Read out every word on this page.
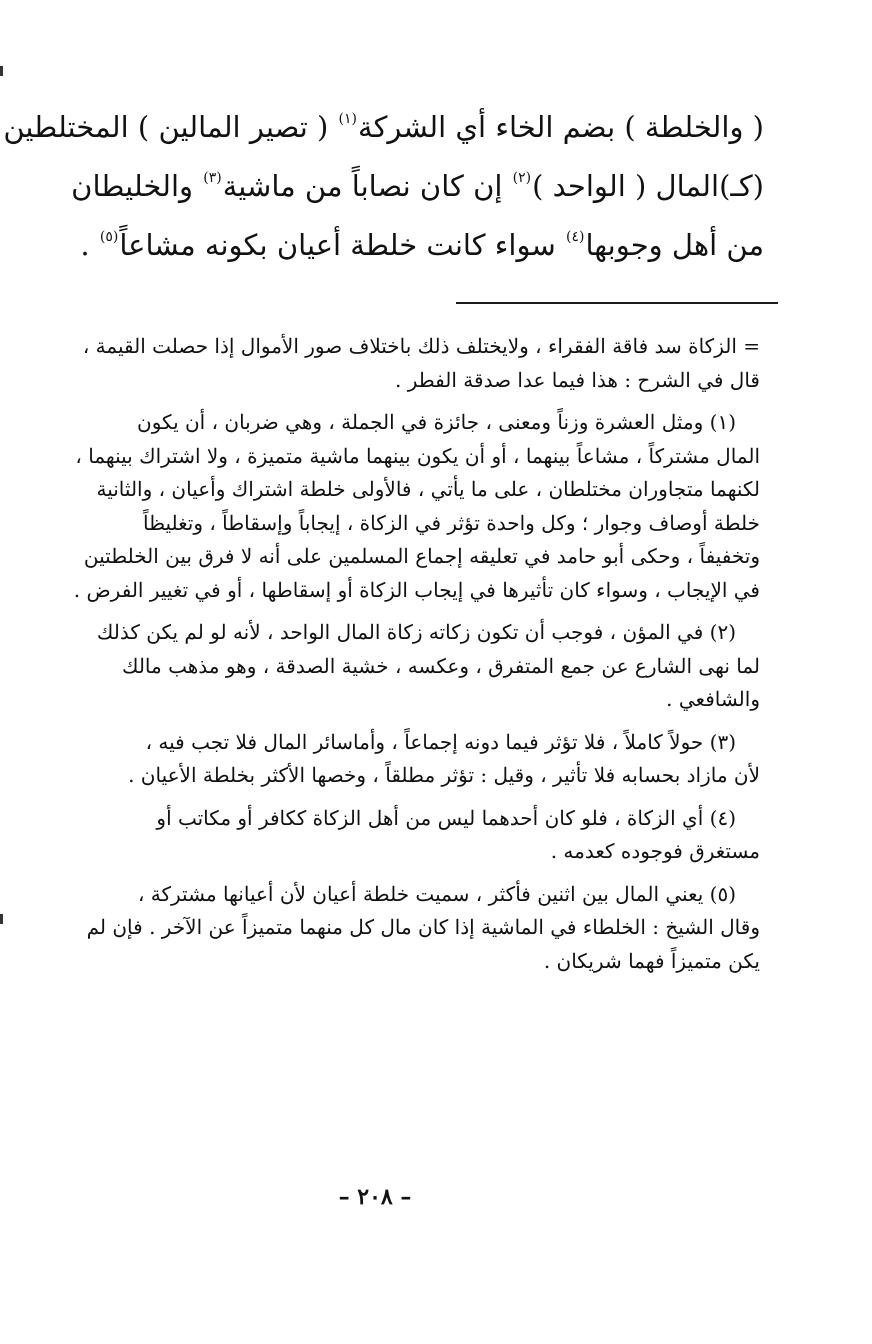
( والخلطة ) بضم الخاء أي الشركة$^{(١)}$ ( تصير المالين ) المختلطين
(كـ)المال ( الواحد )$^{(٢)}$ إن كان نصاباً من ماشية$^{(٣)}$ والخليطان
من أهل وجوبها$^{(٤)}$ سواء كانت خلطة أعيان بكونه مشاعاً$^{(٥)}$ .
= الزكاة سد فاقة الفقراء ، ولايختلف ذلك باختلاف صور الأموال إذا حصلت القيمة ،
قال في الشرح : هذا فيما عدا صدقة الفطر .
(١) ومثل العشرة وزناً ومعنى ، جائزة في الجملة ، وهي ضربان ، أن يكون
المال مشتركاً ، مشاعاً بينهما ، أو أن يكون بينهما ماشية متميزة ، ولا اشتراك بينهما ،
لكنهما متجاوران مختلطان ، على ما يأتي ، فالأولى خلطة اشتراك وأعيان ، والثانية
خلطة أوصاف وجوار ؛ وكل واحدة تؤثر في الزكاة ، إيجاباً وإسقاطاً ، وتغليظاً
وتخفيفاً ، وحكى أبو حامد في تعليقه إجماع المسلمين على أنه لا فرق بين الخلطتين
في الإيجاب ، وسواء كان تأثيرها في إيجاب الزكاة أو إسقاطها ، أو في تغيير الفرض .
(٢) في المؤن ، فوجب أن تكون زكاته زكاة المال الواحد ، لأنه لو لم يكن كذلك
لما نهى الشارع عن جمع المتفرق ، وعكسه ، خشية الصدقة ، وهو مذهب مالك
والشافعي .
(٣) حولاً كاملاً ، فلا تؤثر فيما دونه إجماعاً ، وأماسائر المال فلا تجب فيه ،
لأن مازاد بحسابه فلا تأثير ، وقيل : تؤثر مطلقاً ، وخصها الأكثر بخلطة الأعيان .
(٤) أي الزكاة ، فلو كان أحدهما ليس من أهل الزكاة ككافر أو مكاتب أو
مستغرق فوجوده كعدمه .
(٥) يعني المال بين اثنين فأكثر ، سميت خلطة أعيان لأن أعيانها مشتركة ،
وقال الشيخ : الخلطاء في الماشية إذا كان مال كل منهما متميزاً عن الآخر . فإن لم
يكن متميزاً فهما شريكان .
– ٢٠٨ –
